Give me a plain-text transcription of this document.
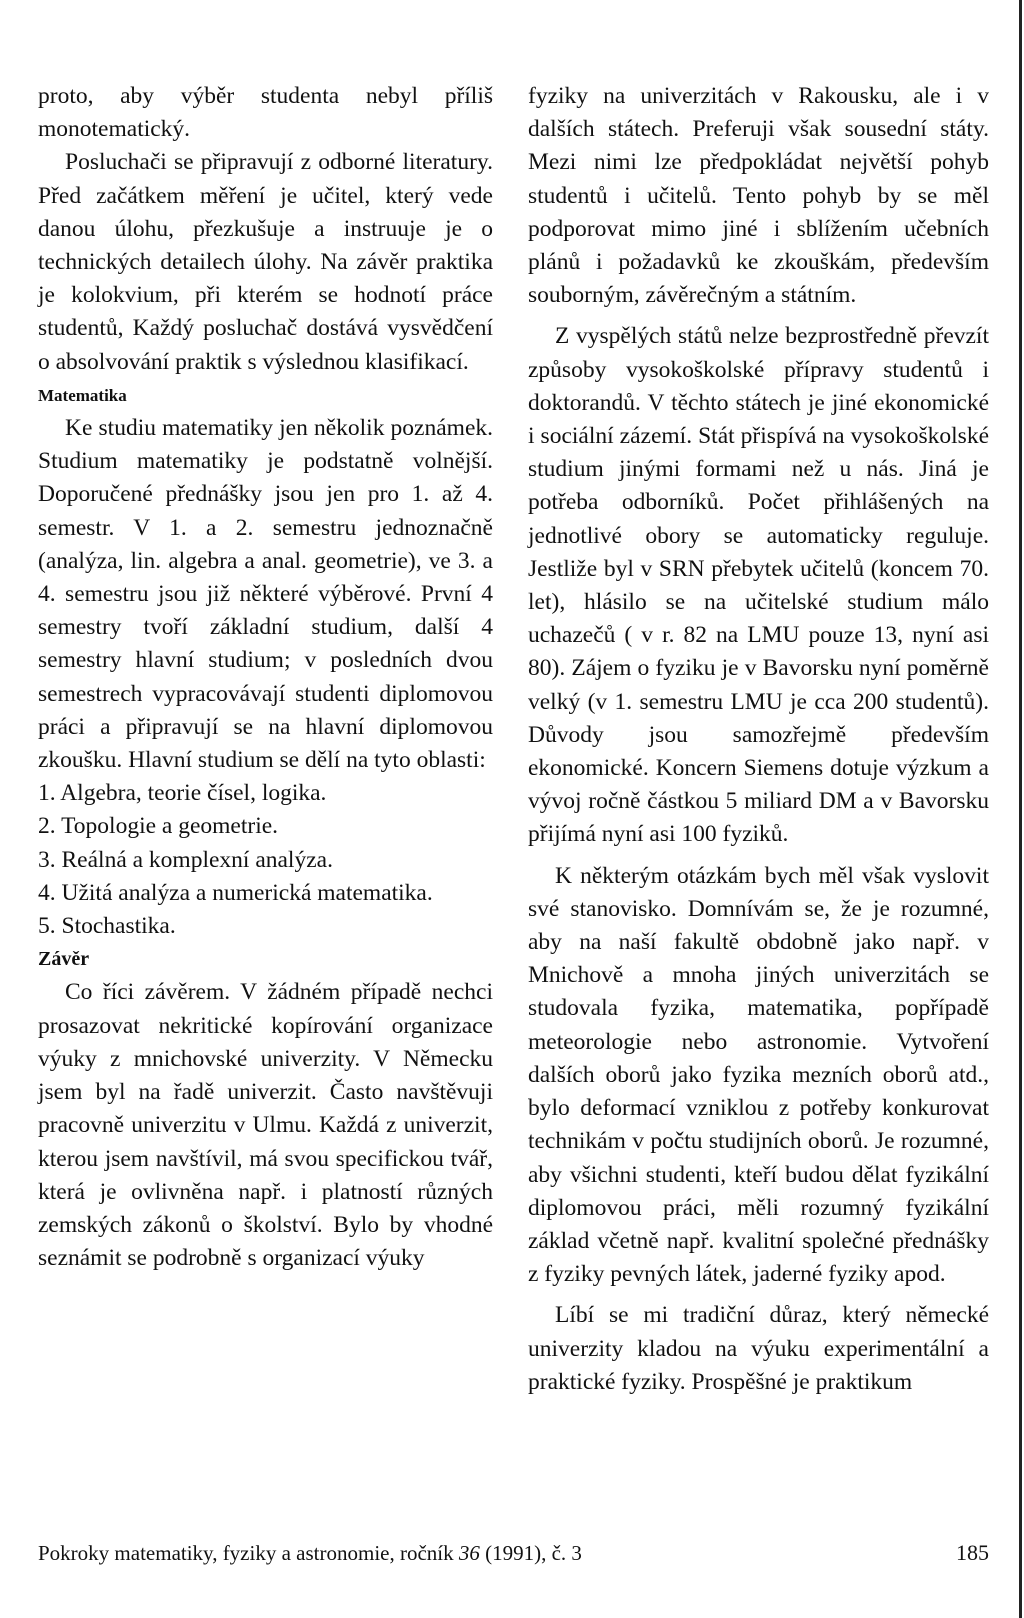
proto, aby výběr studenta nebyl příliš monotematický.

Posluchači se připravují z odborné literatury. Před začátkem měření je učitel, který vede danou úlohu, přezkušuje a instruuje je o technických detailech úlohy. Na závěr praktika je kolokvium, při kterém se hodnotí práce studentů, Každý posluchač dostává vysvědčení o absolvování praktik s výslednou klasifikací.

Matematika

Ke studiu matematiky jen několik poznámek. Studium matematiky je podstatně volnější. Doporučené přednášky jsou jen pro 1. až 4. semestr. V 1. a 2. semestru jednoznačně (analýza, lin. algebra a anal. geometrie), ve 3. a 4. semestru jsou již některé výběrové. První 4 semestry tvoří základní studium, další 4 semestry hlavní studium; v posledních dvou semestrech vypracovávají studenti diplomovou práci a připravují se na hlavní diplomovou zkoušku. Hlavní studium se dělí na tyto oblasti:

1. Algebra, teorie čísel, logika.

2. Topologie a geometrie.

3. Reálná a komplexní analýza.

4. Užitá analýza a numerická matematika.

5. Stochastika.

Závěr

Co říci závěrem. V žádném případě nechci prosazovat nekritické kopírování organizace výuky z mnichovské univerzity. V Německu jsem byl na řadě univerzit. Často navštěvuji pracovně univerzitu v Ulmu. Každá z univerzit, kterou jsem navštívil, má svou specifickou tvář, která je ovlivněna např. i platností různých zemských zákonů o školství. Bylo by vhodné seznámit se podrobně s organizací výuky

fyziky na univerzitách v Rakousku, ale i v dalších státech. Preferuji však sousední státy. Mezi nimi lze předpokládat největší pohyb studentů i učitelů. Tento pohyb by se měl podporovat mimo jiné i sblížením učebních plánů i požadavků ke zkouškám, především souborným, závěrečným a státním.

Z vyspělých států nelze bezprostředně převzít způsoby vysokoškolské přípravy studentů i doktorandů. V těchto státech je jiné ekonomické i sociální zázemí. Stát přispívá na vysokoškolské studium jinými formami než u nás. Jiná je potřeba odborníků. Počet přihlášených na jednotlivé obory se automaticky reguluje. Jestliže byl v SRN přebytek učitelů (koncem 70. let), hlásilo se na učitelské studium málo uchazečů ( v r. 82 na LMU pouze 13, nyní asi 80). Zájem o fyziku je v Bavorsku nyní poměrně velký (v 1. semestru LMU je cca 200 studentů). Důvody jsou samozřejmě především ekonomické. Koncern Siemens dotuje výzkum a vývoj ročně částkou 5 miliard DM a v Bavorsku přijímá nyní asi 100 fyziků.

K některým otázkám bych měl však vyslovit své stanovisko. Domnívám se, že je rozumné, aby na naší fakultě obdobně jako např. v Mnichově a mnoha jiných univerzitách se studovala fyzika, matematika, popřípadě meteorologie nebo astronomie. Vytvoření dalších oborů jako fyzika mezních oborů atd., bylo deformací vzniklou z potřeby konkurovat technikám v počtu studijních oborů. Je rozumné, aby všichni studenti, kteří budou dělat fyzikální diplomovou práci, měli rozumný fyzikální základ včetně např. kvalitní společné přednášky z fyziky pevných látek, jaderné fyziky apod.

Líbí se mi tradiční důraz, který německé univerzity kladou na výuku experimentální a praktické fyziky. Prospěšné je praktikum

Pokroky matematiky, fyziky a astronomie, ročník 36 (1991), č. 3	185
